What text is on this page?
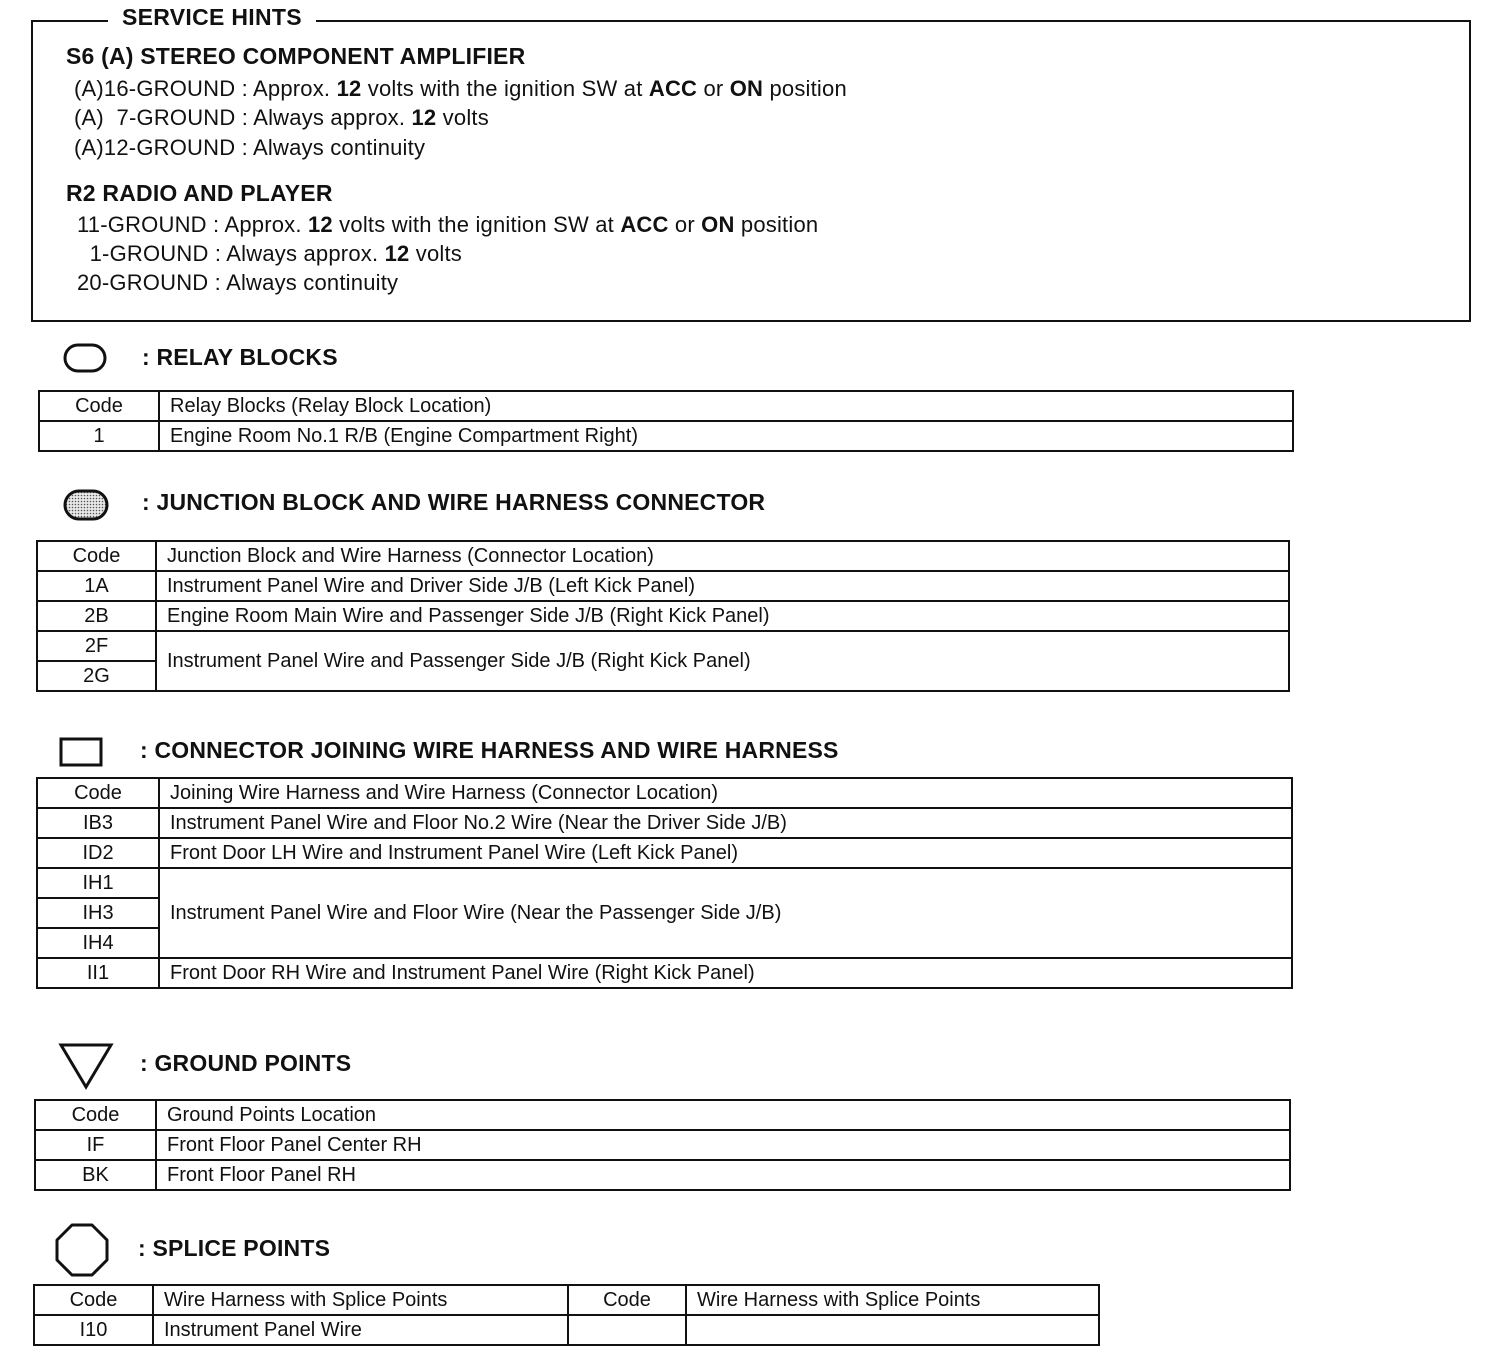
SERVICE HINTS
S6 (A) STEREO COMPONENT AMPLIFIER
(A)16-GROUND : Approx. 12 volts with the ignition SW at ACC or ON position
(A)  7-GROUND : Always approx. 12 volts
(A)12-GROUND : Always continuity
R2 RADIO AND PLAYER
11-GROUND : Approx. 12 volts with the ignition SW at ACC or ON position
1-GROUND : Always approx. 12 volts
20-GROUND : Always continuity
: RELAY BLOCKS
Code	Relay Blocks (Relay Block Location)
1	Engine Room No.1 R/B (Engine Compartment Right)
: JUNCTION BLOCK AND WIRE HARNESS CONNECTOR
Code	Junction Block and Wire Harness (Connector Location)
1A	Instrument Panel Wire and Driver Side J/B (Left Kick Panel)
2B	Engine Room Main Wire and Passenger Side J/B (Right Kick Panel)
2F	Instrument Panel Wire and Passenger Side J/B (Right Kick Panel)
2G	
: CONNECTOR JOINING WIRE HARNESS AND WIRE HARNESS
Code	Joining Wire Harness and Wire Harness (Connector Location)
IB3	Instrument Panel Wire and Floor No.2 Wire (Near the Driver Side J/B)
ID2	Front Door LH Wire and Instrument Panel Wire (Left Kick Panel)
IH1	Instrument Panel Wire and Floor Wire (Near the Passenger Side J/B)
IH3	
IH4	
II1	Front Door RH Wire and Instrument Panel Wire (Right Kick Panel)
: GROUND POINTS
Code	Ground Points Location
IF	Front Floor Panel Center RH
BK	Front Floor Panel RH
: SPLICE POINTS
Code	Wire Harness with Splice Points	Code	Wire Harness with Splice Points
I10	Instrument Panel Wire		
